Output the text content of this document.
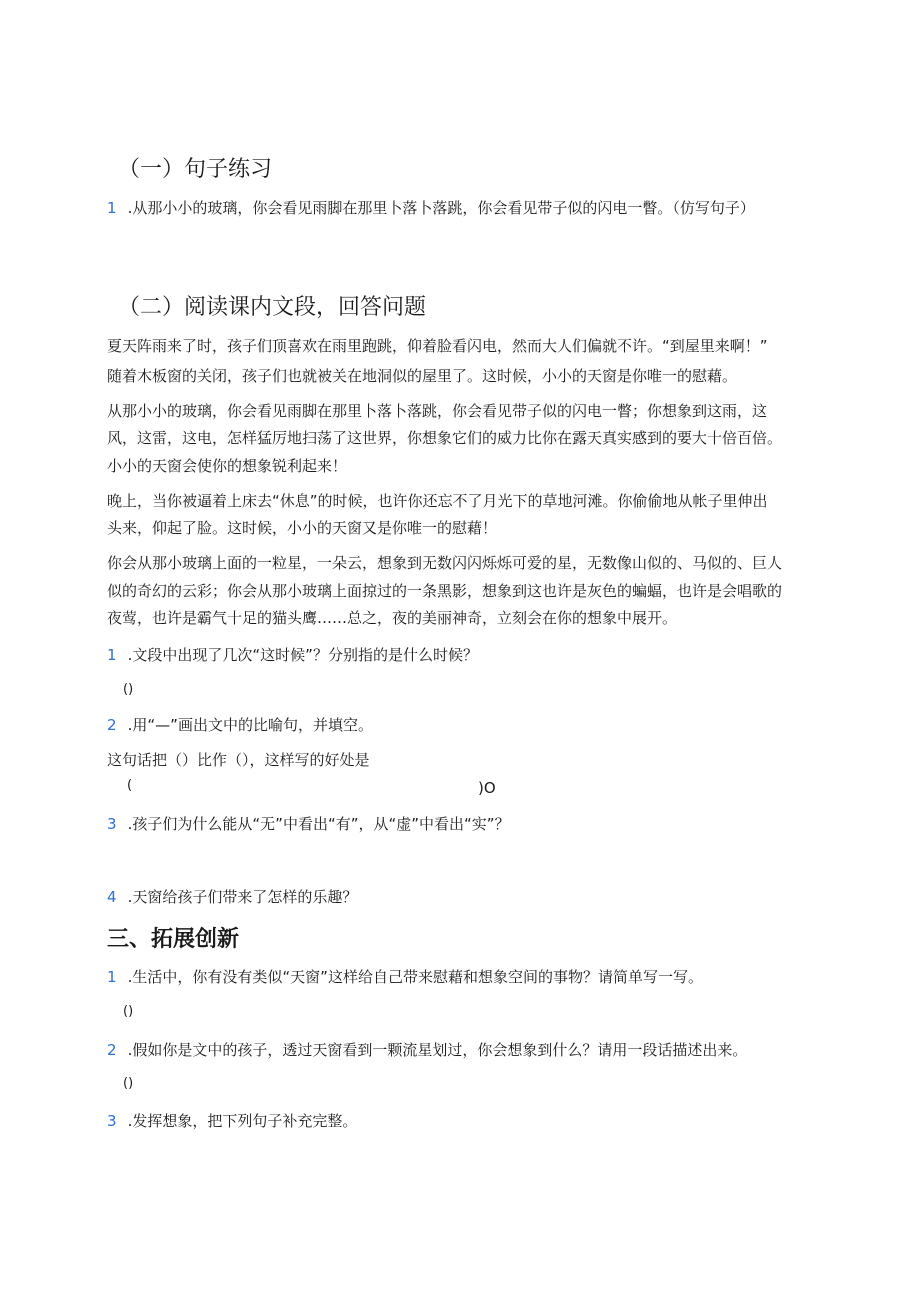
（一）句子练习
1 .从那小小的玻璃，你会看见雨脚在那里卜落卜落跳，你会看见带子似的闪电一瞥。（仿写句子）
（二）阅读课内文段，回答问题
夏天阵雨来了时，孩子们顶喜欢在雨里跑跳，仰着脸看闪电，然而大人们偏就不许。“到屋里来啊！”
随着木板窗的关闭，孩子们也就被关在地洞似的屋里了。这时候，小小的天窗是你唯一的慰藉。
从那小小的玻璃，你会看见雨脚在那里卜落卜落跳，你会看见带子似的闪电一瞥；你想象到这雨，这
风，这雷，这电，怎样猛厉地扫荡了这世界，你想象它们的威力比你在露天真实感到的要大十倍百倍。
小小的天窗会使你的想象锐利起来！
晚上，当你被逼着上床去“休息”的时候，也许你还忘不了月光下的草地河滩。你偷偷地从帐子里伸出
头来，仰起了脸。这时候，小小的天窗又是你唯一的慰藉！
你会从那小玻璃上面的一粒星，一朵云，想象到无数闪闪烁烁可爱的星，无数像山似的、马似的、巨人
似的奇幻的云彩；你会从那小玻璃上面掠过的一条黑影，想象到这也许是灰色的蝙蝠，也许是会唱歌的
夜莺，也许是霸气十足的猫头鹰……总之，夜的美丽神奇，立刻会在你的想象中展开。
1 .文段中出现了几次“这时候”？分别指的是什么时候？
()
2 .用“—”画出文中的比喻句，并填空。
这句话把（）比作（），这样写的好处是
(	)O
3 .孩子们为什么能从“无”中看出“有”，从“虚”中看出“实”？
4 .天窗给孩子们带来了怎样的乐趣？
三、拓展创新
1 .生活中，你有没有类似“天窗”这样给自己带来慰藉和想象空间的事物？请简单写一写。
()
2 .假如你是文中的孩子，透过天窗看到一颗流星划过，你会想象到什么？请用一段话描述出来。
()
3 .发挥想象，把下列句子补充完整。
